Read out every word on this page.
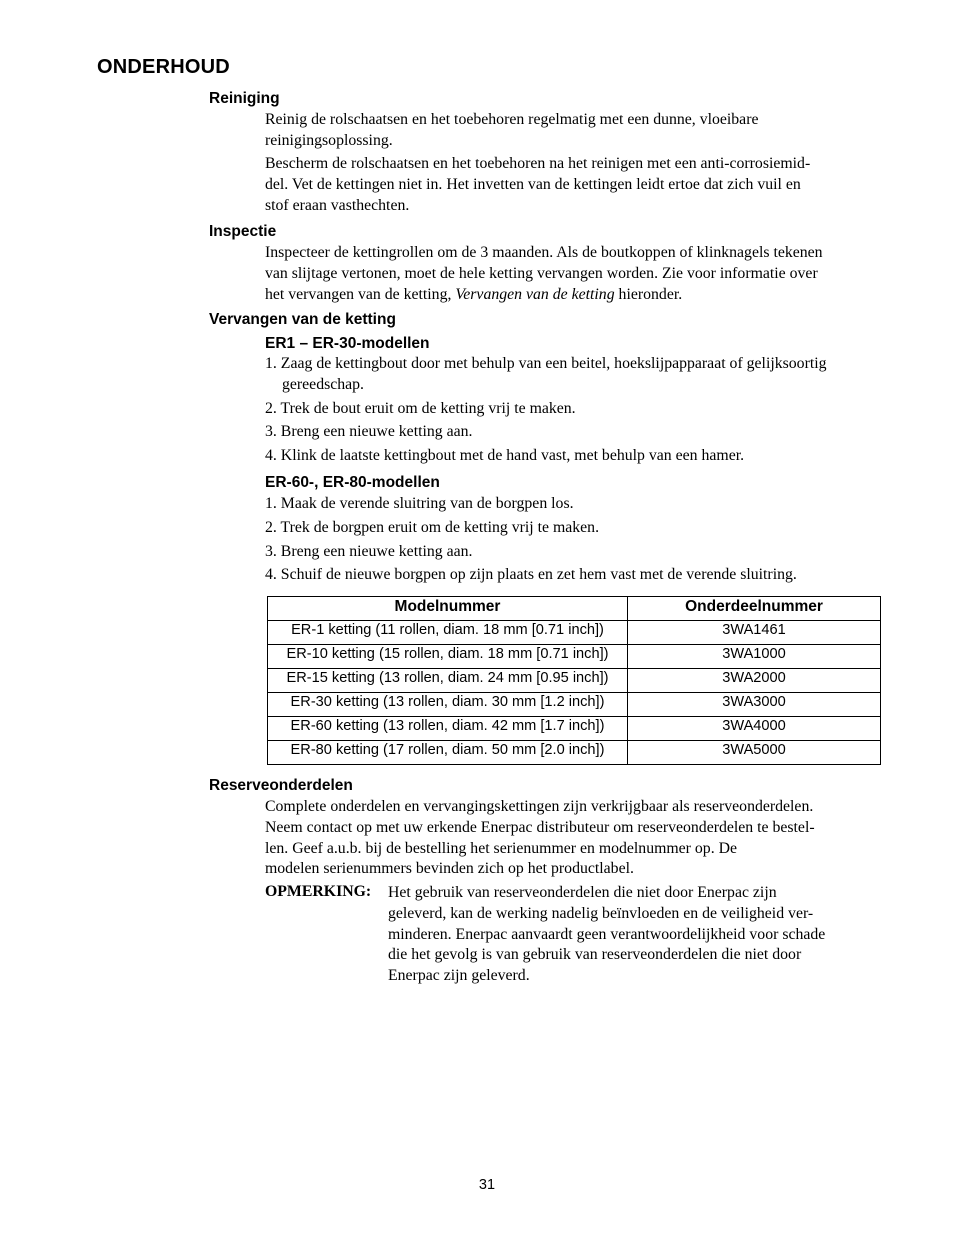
ONDERHOUD
Reiniging
Reinig de rolschaatsen en het toebehoren regelmatig met een dunne, vloeibare
reinigingsoplossing.
Bescherm de rolschaatsen en het toebehoren na het reinigen met een anti-corrosiemid-
del. Vet de kettingen niet in. Het invetten van de kettingen leidt ertoe dat zich vuil en
stof eraan vasthechten.
Inspectie
Inspecteer de kettingrollen om de 3 maanden. Als de boutkoppen of klinknagels tekenen
van slijtage vertonen, moet de hele ketting vervangen worden. Zie voor informatie over
het vervangen van de ketting, Vervangen van de ketting hieronder.
Vervangen van de ketting
ER1 – ER-30-modellen
1. Zaag de kettingbout door met behulp van een beitel, hoekslijpapparaat of gelijksoortig
gereedschap.
2. Trek de bout eruit om de ketting vrij te maken.
3. Breng een nieuwe ketting aan.
4. Klink de laatste kettingbout met de hand vast, met behulp van een hamer.
ER-60-, ER-80-modellen
1. Maak de verende sluitring van de borgpen los.
2. Trek de borgpen eruit om de ketting vrij te maken.
3. Breng een nieuwe ketting aan.
4. Schuif de nieuwe borgpen op zijn plaats en zet hem vast met de verende sluitring.
Modelnummer	Onderdeelnummer
ER-1 ketting (11 rollen, diam. 18 mm [0.71 inch])	3WA1461
ER-10 ketting (15 rollen, diam. 18 mm [0.71 inch])	3WA1000
ER-15 ketting (13 rollen, diam. 24 mm [0.95 inch])	3WA2000
ER-30 ketting (13 rollen, diam. 30 mm [1.2 inch])	3WA3000
ER-60 ketting (13 rollen, diam. 42 mm [1.7 inch])	3WA4000
ER-80 ketting (17 rollen, diam. 50 mm [2.0 inch])	3WA5000
Reserveonderdelen
Complete onderdelen en vervangingskettingen zijn verkrijgbaar als reserveonderdelen.
Neem contact op met uw erkende Enerpac distributeur om reserveonderdelen te bestel-
len. Geef a.u.b. bij de bestelling het serienummer en modelnummer op. De
modelen serienummers bevinden zich op het productlabel.
OPMERKING: Het gebruik van reserveonderdelen die niet door Enerpac zijn
geleverd, kan de werking nadelig beïnvloeden en de veiligheid ver-
minderen. Enerpac aanvaardt geen verantwoordelijkheid voor schade
die het gevolg is van gebruik van reserveonderdelen die niet door
Enerpac zijn geleverd.
31
